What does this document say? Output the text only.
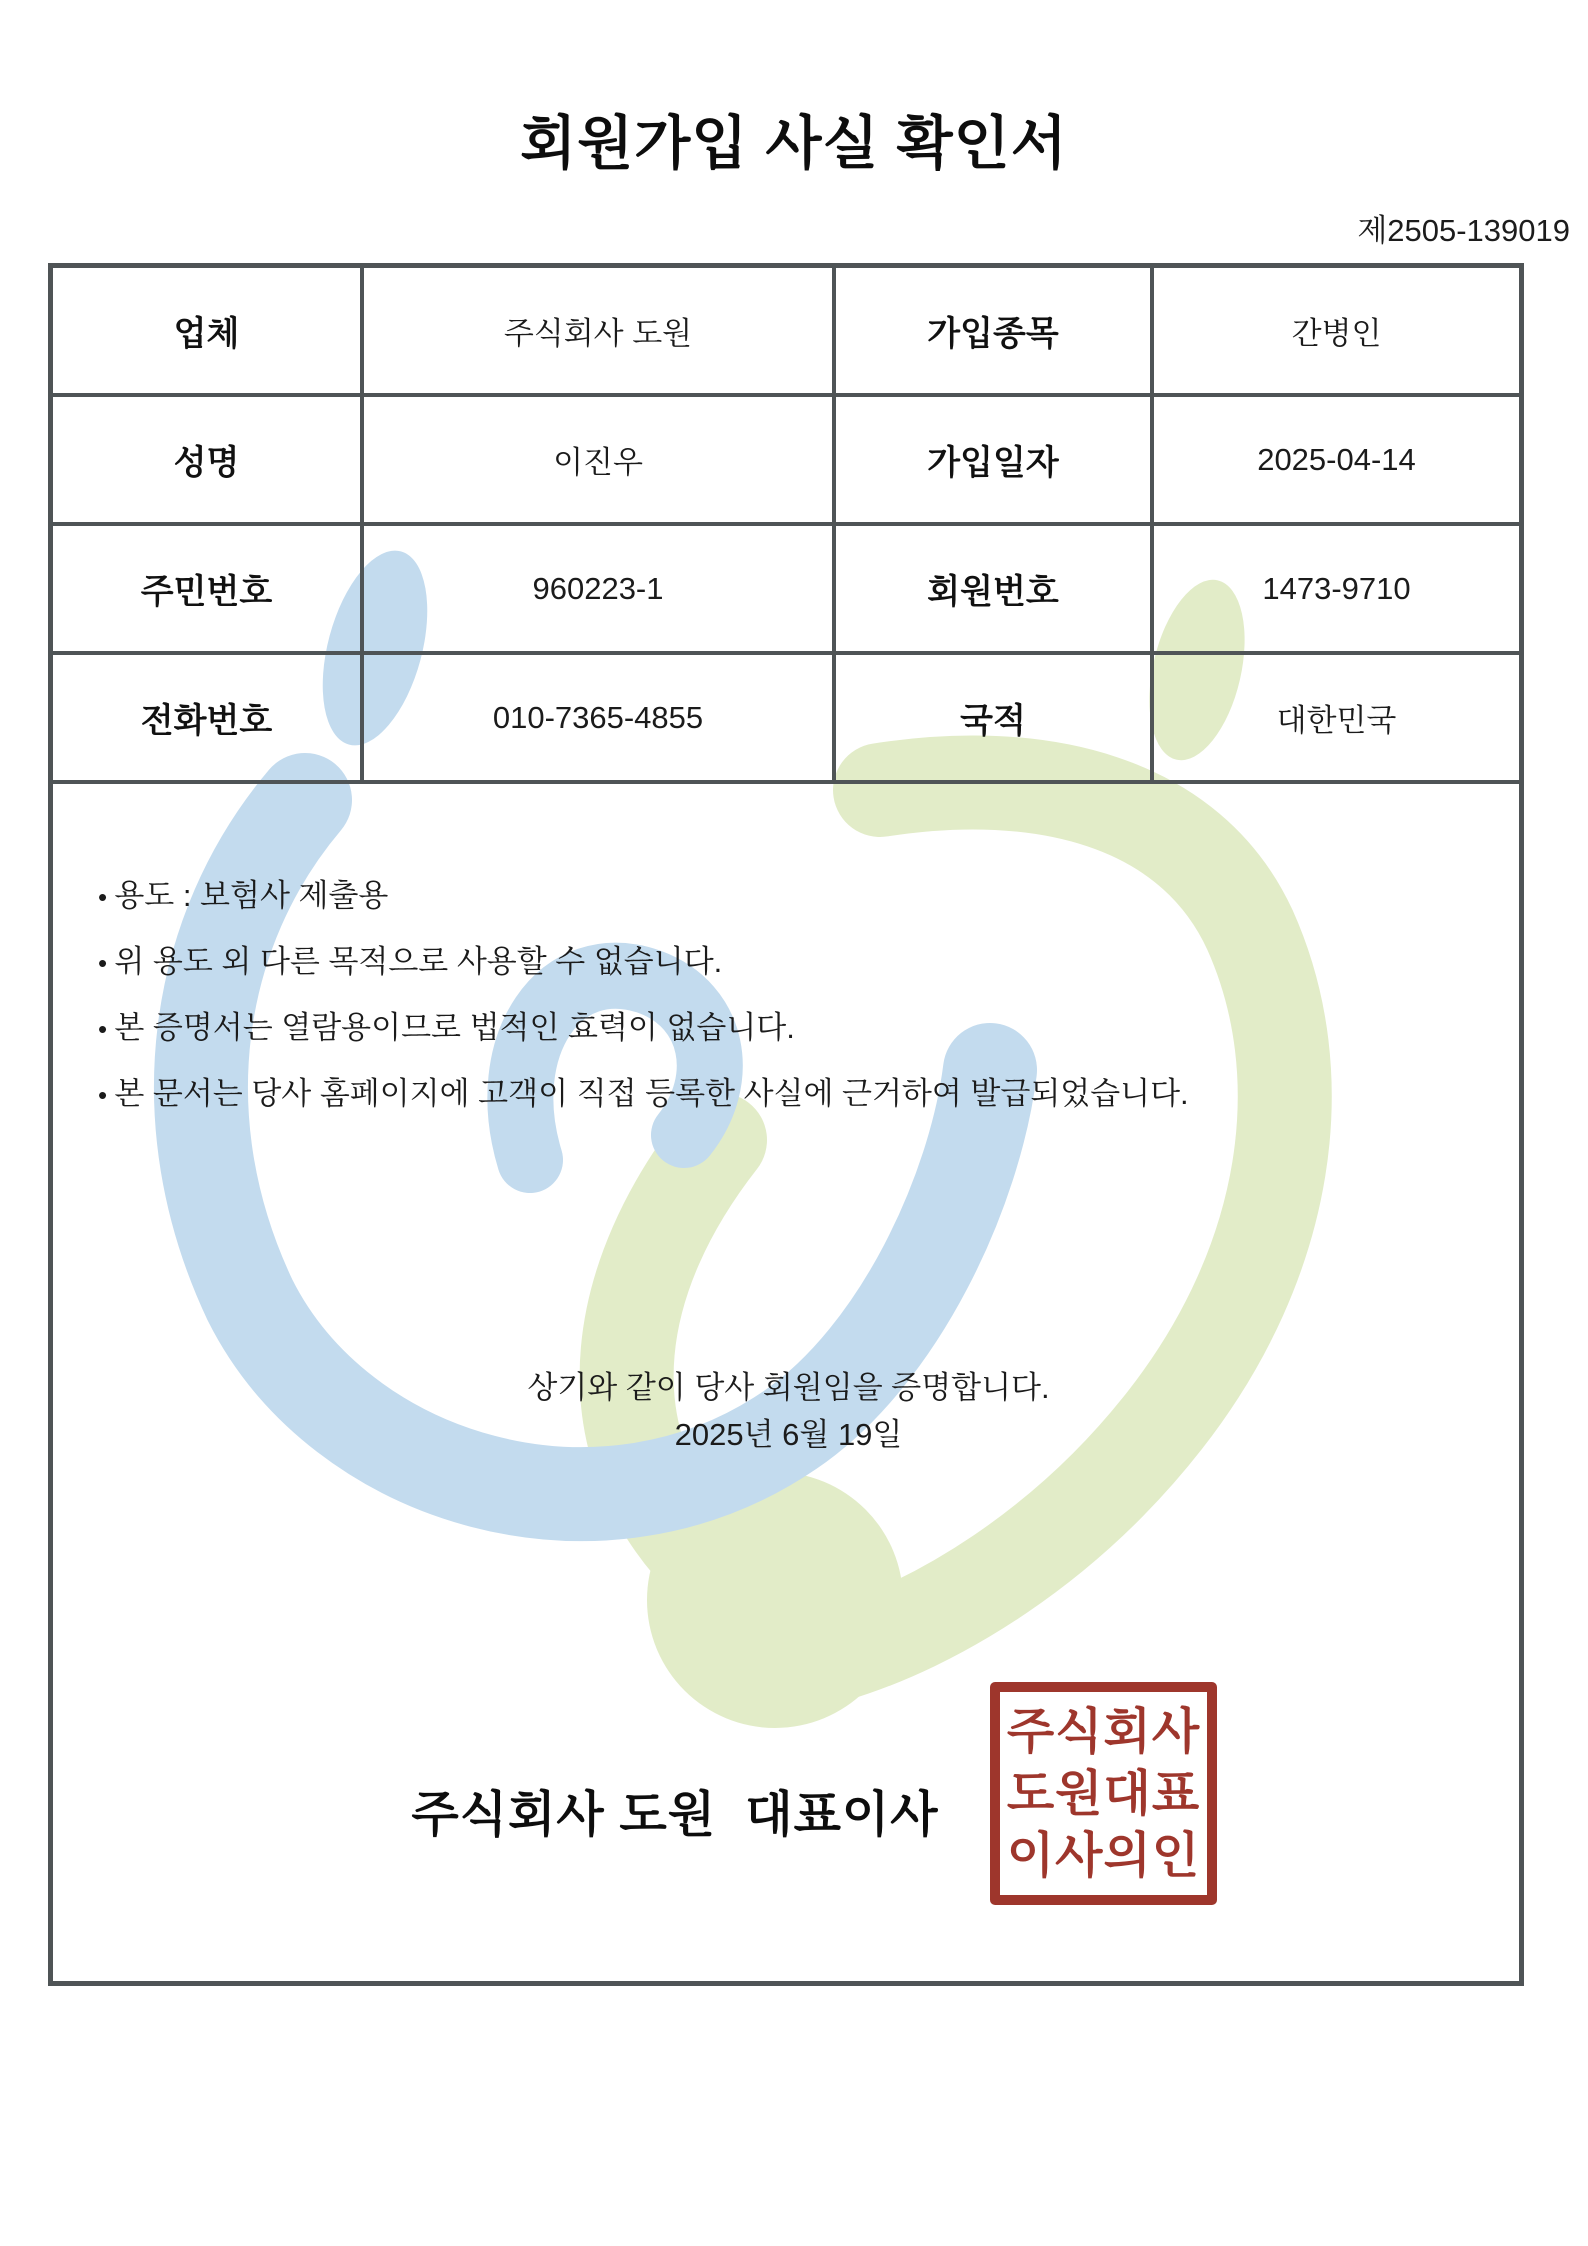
회원가입 사실 확인서
제2505-139019
업체	주식회사 도원	가입종목	간병인
성명	이진우	가입일자	2025-04-14
주민번호	960223-1	회원번호	1473-9710
전화번호	010-7365-4855	국적	대한민국

• 용도 : 보험사 제출용

• 위 용도 외 다른 목적으로 사용할 수 없습니다.

• 본 증명서는 열람용이므로 법적인 효력이 없습니다.

• 본 문서는 당사 홈페이지에 고객이 직접 등록한 사실에 근거하여 발급되었습니다.

상기와 같이 당사 회원임을 증명합니다.
2025년 6월 19일
주식회사 도원  대표이사
주식회사
도원대표
이사의인
